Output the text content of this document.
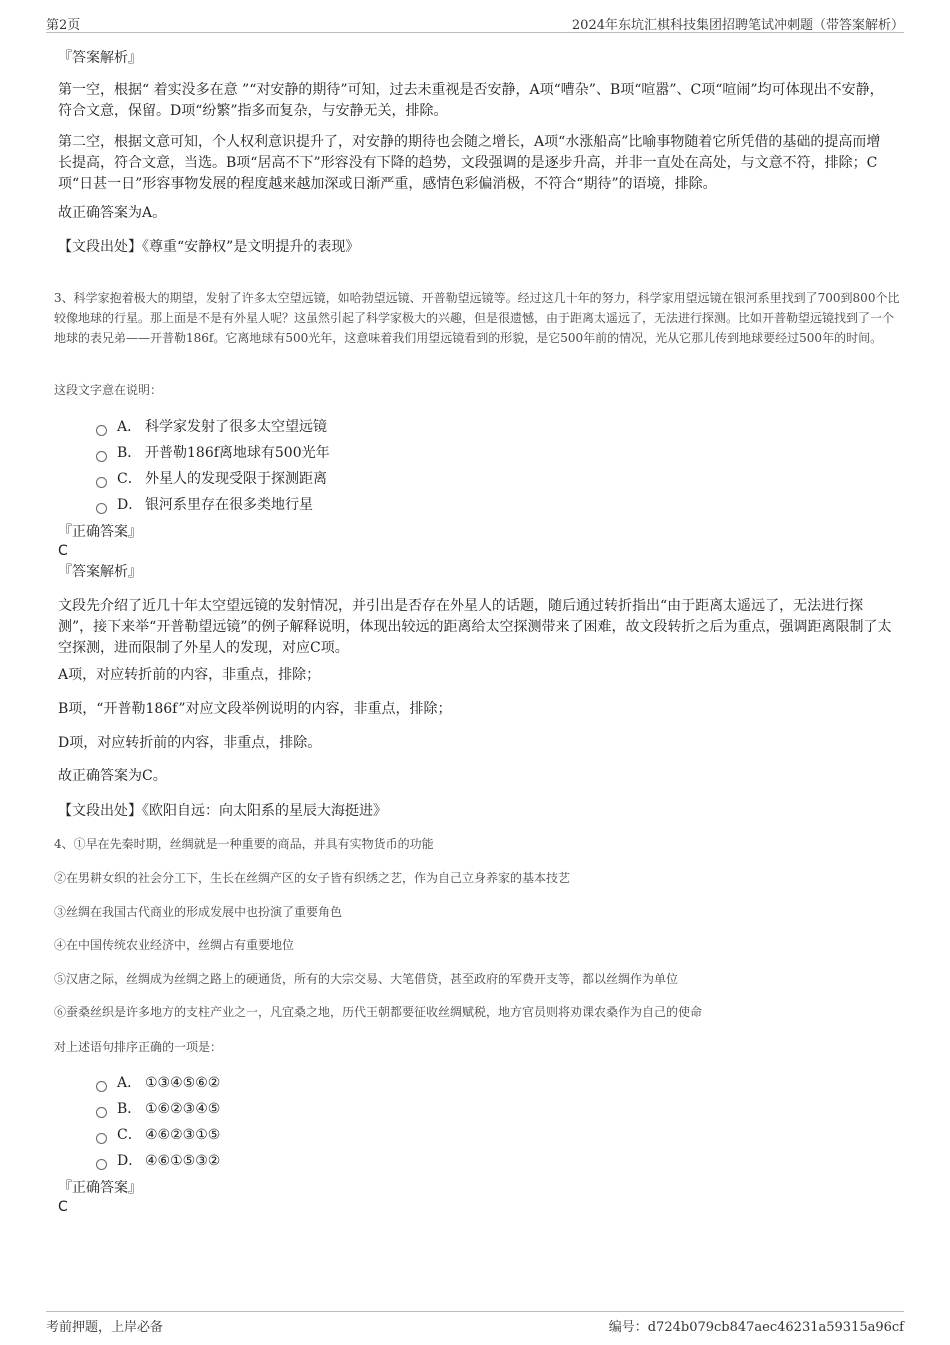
第2页	2024年东坑汇棋科技集团招聘笔试冲刺题（带答案解析）

『答案解析』

第一空，根据“ 着实没多在意 ”“对安静的期待”可知，过去未重视是否安静，A项“嘈杂”、B项“喧嚣”、C项“喧闹”均可体现出不安静，符合文意，保留。D项“纷繁”指多而复杂，与安静无关，排除。

第二空，根据文意可知，个人权利意识提升了，对安静的期待也会随之增长，A项“水涨船高”比喻事物随着它所凭借的基础的提高而增长提高，符合文意，当选。B项“居高不下”形容没有下降的趋势，文段强调的是逐步升高，并非一直处在高处，与文意不符，排除；C项“日甚一日”形容事物发展的程度越来越加深或日渐严重，感情色彩偏消极，不符合“期待”的语境，排除。

故正确答案为A。

【文段出处】《尊重“安静权”是文明提升的表现》

3、科学家抱着极大的期望，发射了许多太空望远镜，如哈勃望远镜、开普勒望远镜等。经过这几十年的努力，科学家用望远镜在银河系里找到了700到800个比较像地球的行星。那上面是不是有外星人呢？这虽然引起了科学家极大的兴趣，但是很遗憾，由于距离太遥远了，无法进行探测。比如开普勒望远镜找到了一个地球的表兄弟——开普勒186f。它离地球有500光年，这意味着我们用望远镜看到的形貌，是它500年前的情况，光从它那儿传到地球要经过500年的时间。

这段文字意在说明：

A． 科学家发射了很多太空望远镜
B． 开普勒186f离地球有500光年
C． 外星人的发现受限于探测距离
D． 银河系里存在很多类地行星

『正确答案』

C

『答案解析』

文段先介绍了近几十年太空望远镜的发射情况，并引出是否存在外星人的话题，随后通过转折指出“由于距离太遥远了，无法进行探测”，接下来举“开普勒望远镜”的例子解释说明，体现出较远的距离给太空探测带来了困难，故文段转折之后为重点，强调距离限制了太空探测，进而限制了外星人的发现，对应C项。

A项，对应转折前的内容，非重点，排除；

B项，“开普勒186f”对应文段举例说明的内容，非重点，排除；

D项，对应转折前的内容，非重点，排除。

故正确答案为C。

【文段出处】《欧阳自远：向太阳系的星辰大海挺进》

4、①早在先秦时期，丝绸就是一种重要的商品，并具有实物货币的功能

②在男耕女织的社会分工下，生长在丝绸产区的女子皆有织绣之艺，作为自己立身养家的基本技艺

③丝绸在我国古代商业的形成发展中也扮演了重要角色

④在中国传统农业经济中，丝绸占有重要地位

⑤汉唐之际，丝绸成为丝绸之路上的硬通货，所有的大宗交易、大笔借贷，甚至政府的军费开支等，都以丝绸作为单位

⑥蚕桑丝织是许多地方的支柱产业之一，凡宜桑之地，历代王朝都要征收丝绸赋税，地方官员则将劝课农桑作为自己的使命

对上述语句排序正确的一项是：

A． ①③④⑤⑥②
B． ①⑥②③④⑤
C． ④⑥②③①⑤
D． ④⑥①⑤③②

『正确答案』

C

考前押题，上岸必备	编号：d724b079cb847aec46231a59315a96cf
